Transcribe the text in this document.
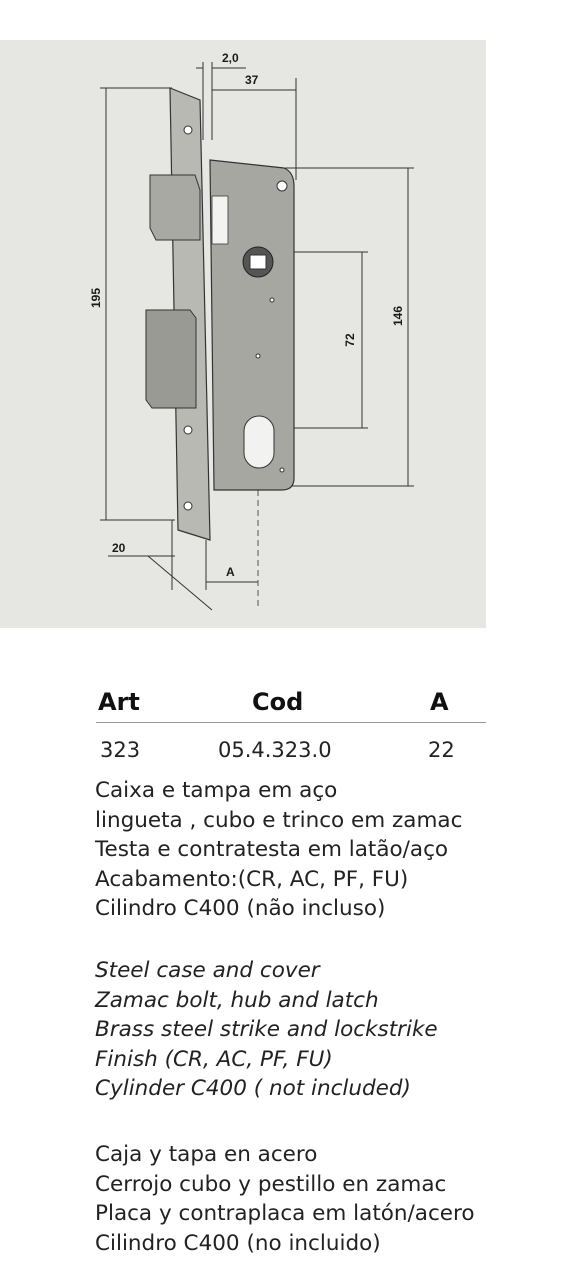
2,0
37
195
146
72
20
A
Art	Cod	A
323	05.4.323.0	22
Caixa e tampa em aço
lingueta , cubo e trinco em zamac
Testa e contratesta em latão/aço
Acabamento:(CR, AC, PF, FU)
Cilindro C400 (não incluso)
Steel case and cover
Zamac bolt, hub and latch
Brass steel strike and lockstrike
Finish (CR, AC, PF, FU)
Cylinder C400 ( not included)
Caja y tapa en acero
Cerrojo cubo y pestillo en zamac
Placa y contraplaca em latón/acero
Cilindro C400 (no incluido)
